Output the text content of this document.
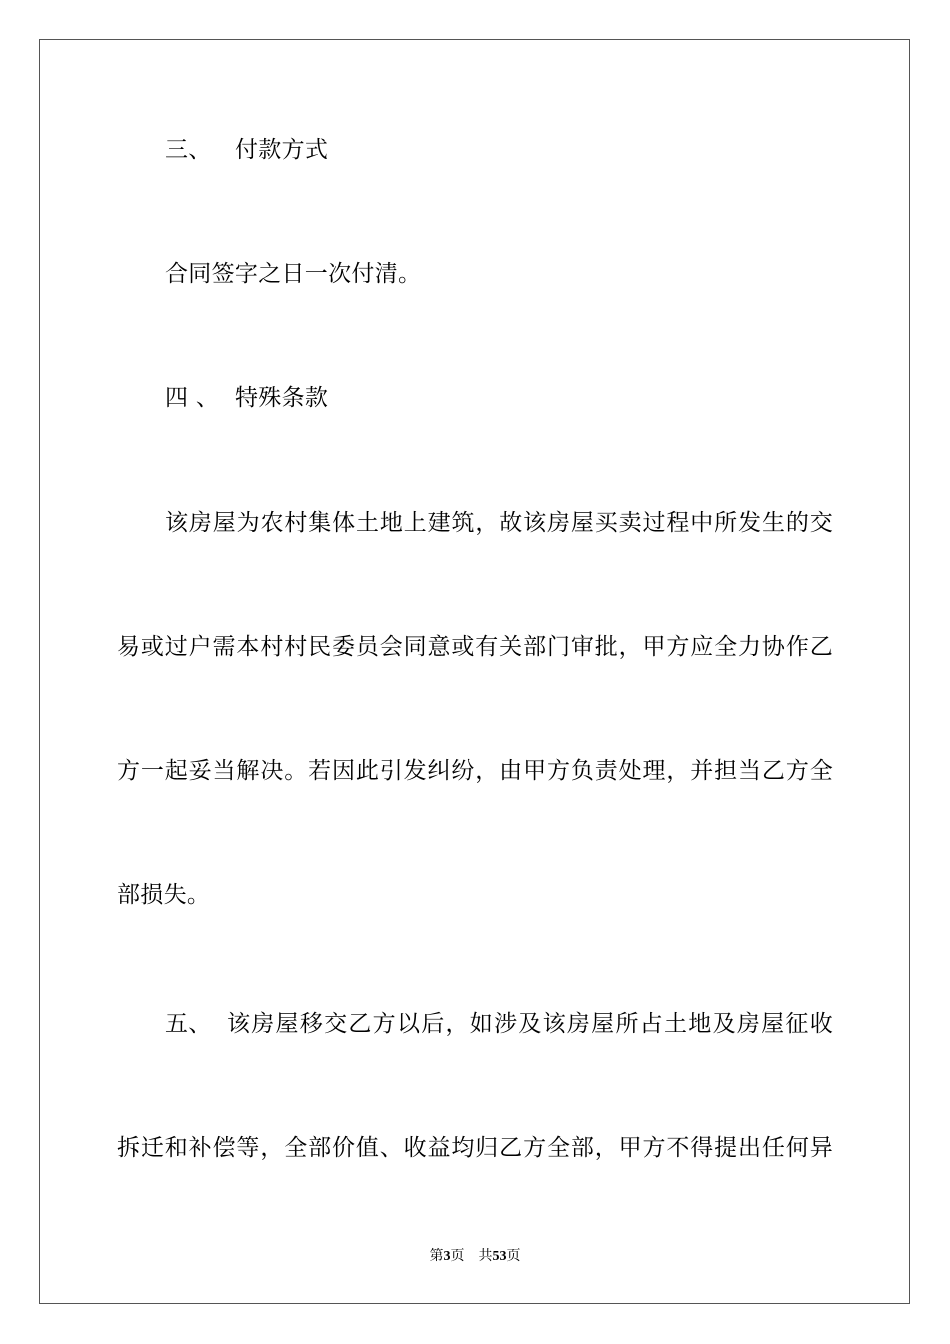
三、 付款方式
合同签字之日一次付清。
四 、 特殊条款
该房屋为农村集体土地上建筑，故该房屋买卖过程中所发生的交
易或过户需本村村民委员会同意或有关部门审批，甲方应全力协作乙
方一起妥当解决。若因此引发纠纷，由甲方负责处理，并担当乙方全
部损失。
五、 该房屋移交乙方以后，如涉及该房屋所占土地及房屋征收
拆迁和补偿等，全部价值、收益均归乙方全部，甲方不得提出任何异
第3页 共53页
